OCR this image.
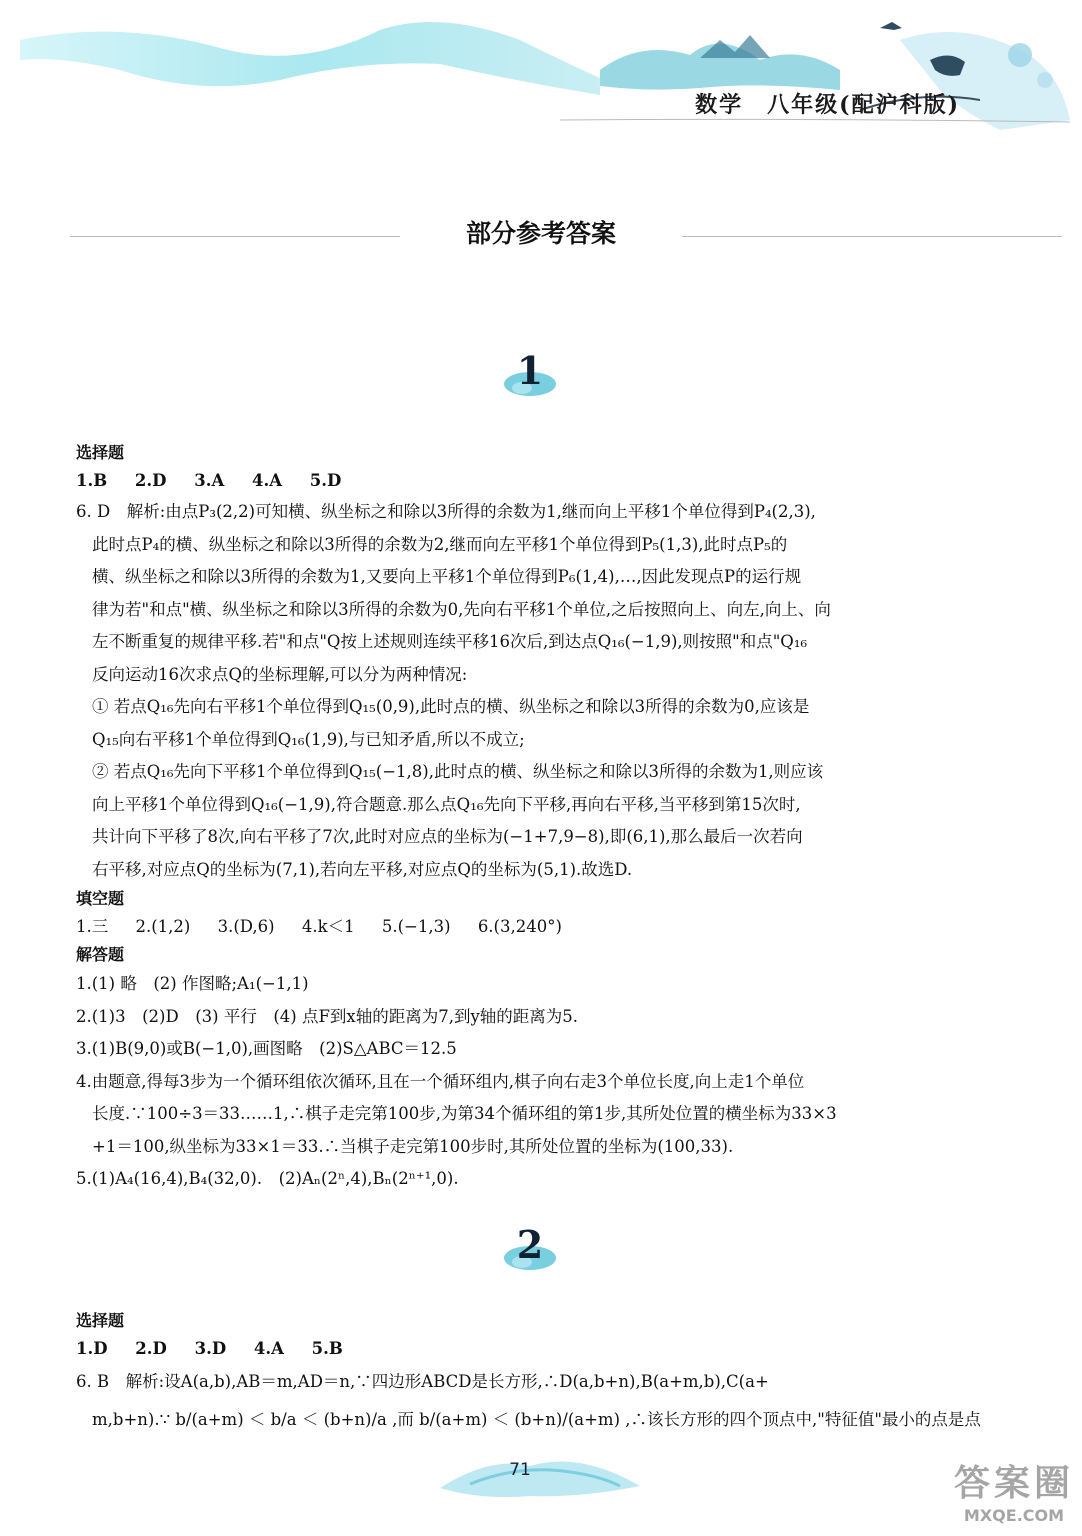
数学　八年级(配沪科版)
部分参考答案
1
选择题
1.B 2.D 3.A 4.A 5.D
6. D　解析:由点P₃(2,2)可知横、纵坐标之和除以3所得的余数为1,继而向上平移1个单位得到P₄(2,3),
此时点P₄的横、纵坐标之和除以3所得的余数为2,继而向左平移1个单位得到P₅(1,3),此时点P₅的
横、纵坐标之和除以3所得的余数为1,又要向上平移1个单位得到P₆(1,4),…,因此发现点P的运行规
律为若"和点"横、纵坐标之和除以3所得的余数为0,先向右平移1个单位,之后按照向上、向左,向上、向
左不断重复的规律平移.若"和点"Q按上述规则连续平移16次后,到达点Q₁₆(−1,9),则按照"和点"Q₁₆
反向运动16次求点Q的坐标理解,可以分为两种情况:
① 若点Q₁₆先向右平移1个单位得到Q₁₅(0,9),此时点的横、纵坐标之和除以3所得的余数为0,应该是
Q₁₅向右平移1个单位得到Q₁₆(1,9),与已知矛盾,所以不成立;
② 若点Q₁₆先向下平移1个单位得到Q₁₅(−1,8),此时点的横、纵坐标之和除以3所得的余数为1,则应该
向上平移1个单位得到Q₁₆(−1,9),符合题意.那么点Q₁₆先向下平移,再向右平移,当平移到第15次时,
共计向下平移了8次,向右平移了7次,此时对应点的坐标为(−1+7,9−8),即(6,1),那么最后一次若向
右平移,对应点Q的坐标为(7,1),若向左平移,对应点Q的坐标为(5,1).故选D.
填空题
1.三 2.(1,2) 3.(D,6) 4.k＜1 5.(−1,3) 6.(3,240°)
解答题
1.(1) 略　(2) 作图略;A₁(−1,1)
2.(1)3　(2)D　(3) 平行　(4) 点F到x轴的距离为7,到y轴的距离为5.
3.(1)B(9,0)或B(−1,0),画图略　(2)S△ABC＝12.5
4.由题意,得每3步为一个循环组依次循环,且在一个循环组内,棋子向右走3个单位长度,向上走1个单位
长度.∵100÷3＝33……1,∴棋子走完第100步,为第34个循环组的第1步,其所处位置的横坐标为33×3
+1＝100,纵坐标为33×1＝33.∴当棋子走完第100步时,其所处位置的坐标为(100,33).
5.(1)A₄(16,4),B₄(32,0).　(2)Aₙ(2ⁿ,4),Bₙ(2ⁿ⁺¹,0).
2
选择题
1.D 2.D 3.D 4.A 5.B
6. B　解析:设A(a,b),AB＝m,AD＝n,∵四边形ABCD是长方形,∴D(a,b+n),B(a+m,b),C(a+
m,b+n).∵ b/(a+m) ＜ b/a ＜ (b+n)/a ,而 b/(a+m) ＜ (b+n)/(a+m) ,∴该长方形的四个顶点中,"特征值"最小的点是点
71	答案圈
MXQE.COM
